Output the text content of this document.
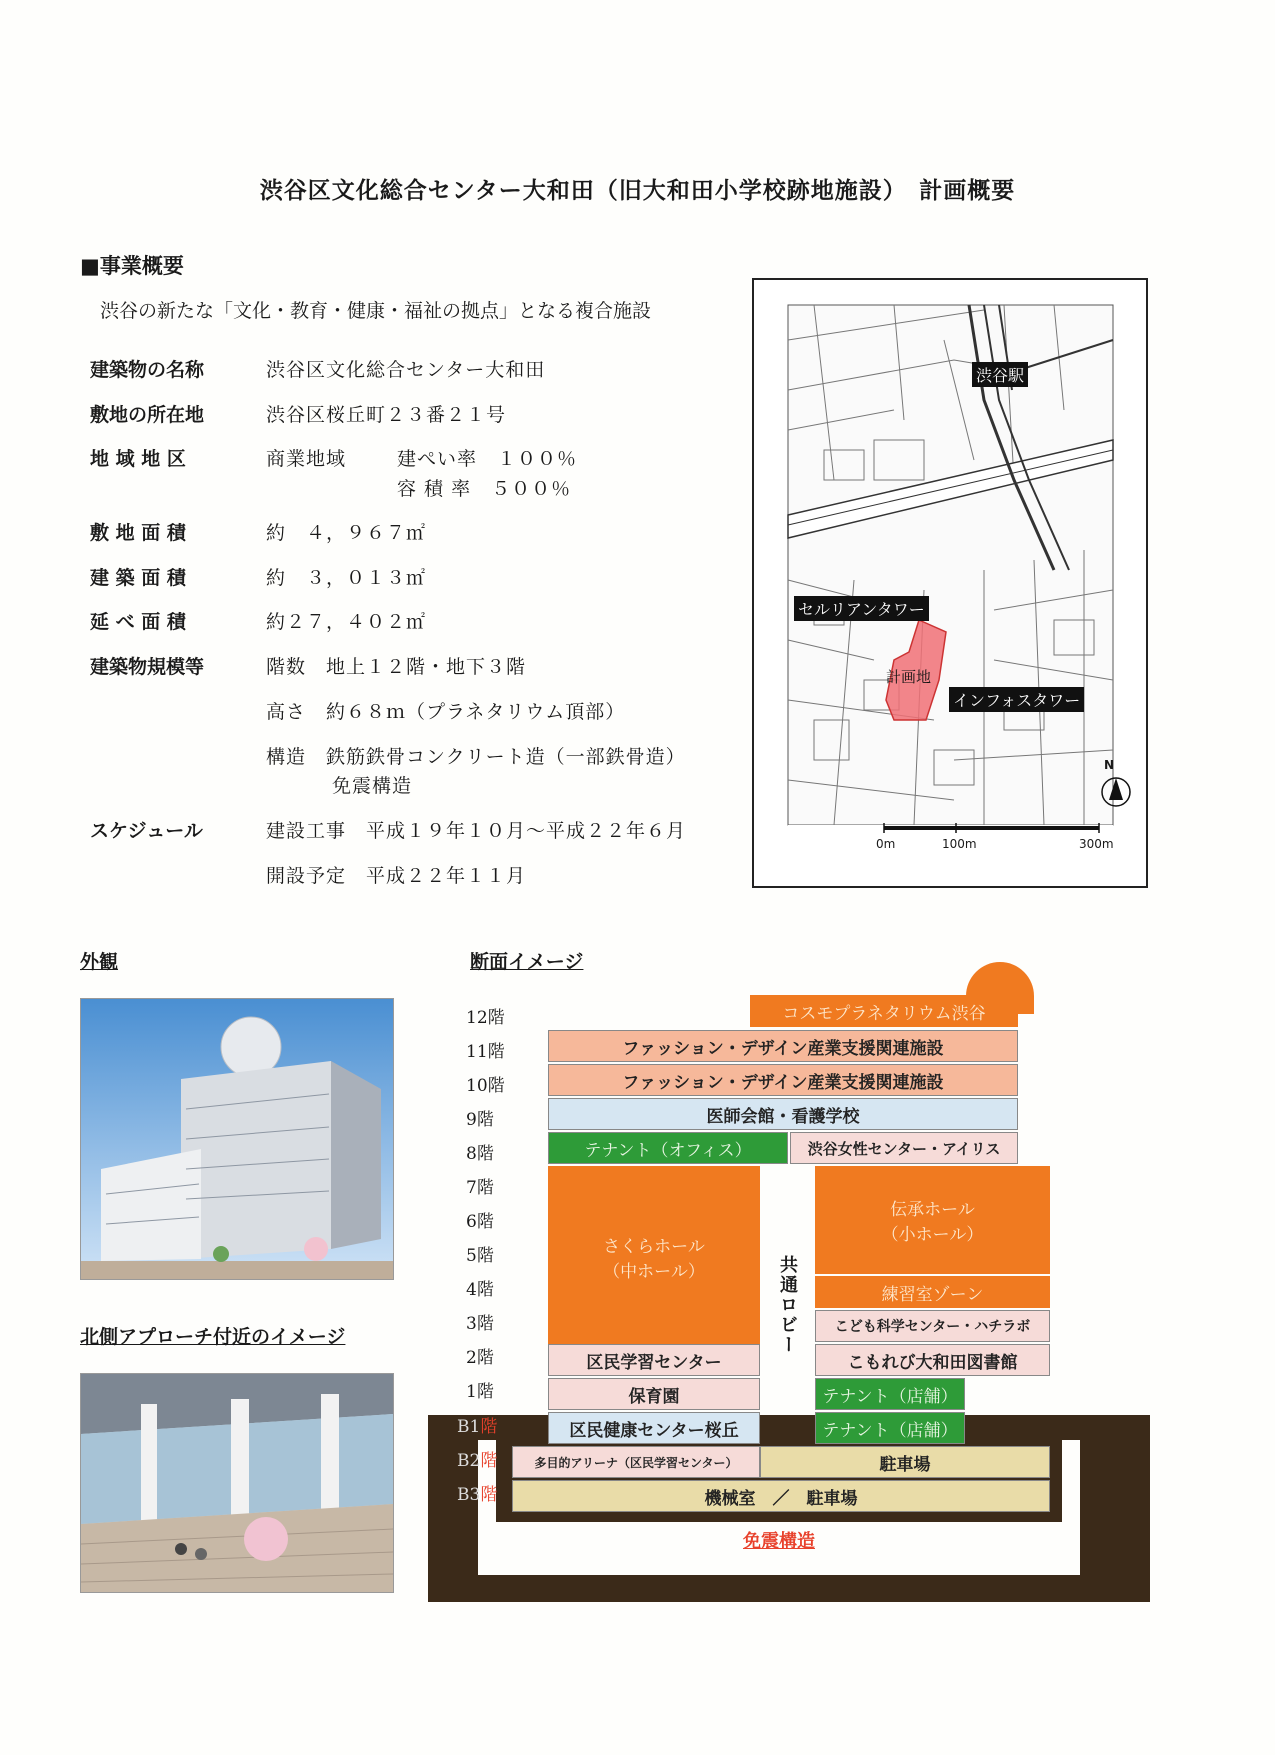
渋谷区文化総合センター大和田（旧大和田小学校跡地施設）　計画概要
■事業概要
渋谷の新たな「文化・教育・健康・福祉の拠点」となる複合施設
建築物の名称	渋谷区文化総合センター大和田
敷地の所在地	渋谷区桜丘町２３番２１号
地 域 地 区	商業地域	建ぺい率　１００％
容 積 率　５００％
敷 地 面 積	約　４，９６７㎡
建 築 面 積	約　３，０１３㎡
延 べ 面 積	約２７，４０２㎡
建築物規模等	階数　地上１２階・地下３階
高さ　約６８ｍ（プラネタリウム頂部）
構造　鉄筋鉄骨コンクリート造（一部鉄骨造）
免震構造
スケジュール	建設工事　平成１９年１０月～平成２２年６月
開設予定　平成２２年１１月
渋谷駅
セルリアンタワー
計画地
インフォスタワー
N
0m	100m	300m
外観
北側アプローチ付近のイメージ
断面イメージ
免震構造
12階
11階
10階
9階
8階
7階
6階
5階
4階
3階
2階
1階
B1階
B2階
B3階
コスモプラネタリウム渋谷
ファッション・デザイン産業支援関連施設
ファッション・デザイン産業支援関連施設
医師会館・看護学校
テナント（オフィス）	渋谷女性センター・アイリス
さくらホール
（中ホール）	共通ロビー
伝承ホール
（小ホール）
練習室ゾーン
こども科学センター・ハチラボ
区民学習センター	こもれび大和田図書館
保育園	テナント（店舗）
区民健康センター桜丘	テナント（店舗）
多目的アリーナ（区民学習センター）	駐車場
機械室　／　駐車場
